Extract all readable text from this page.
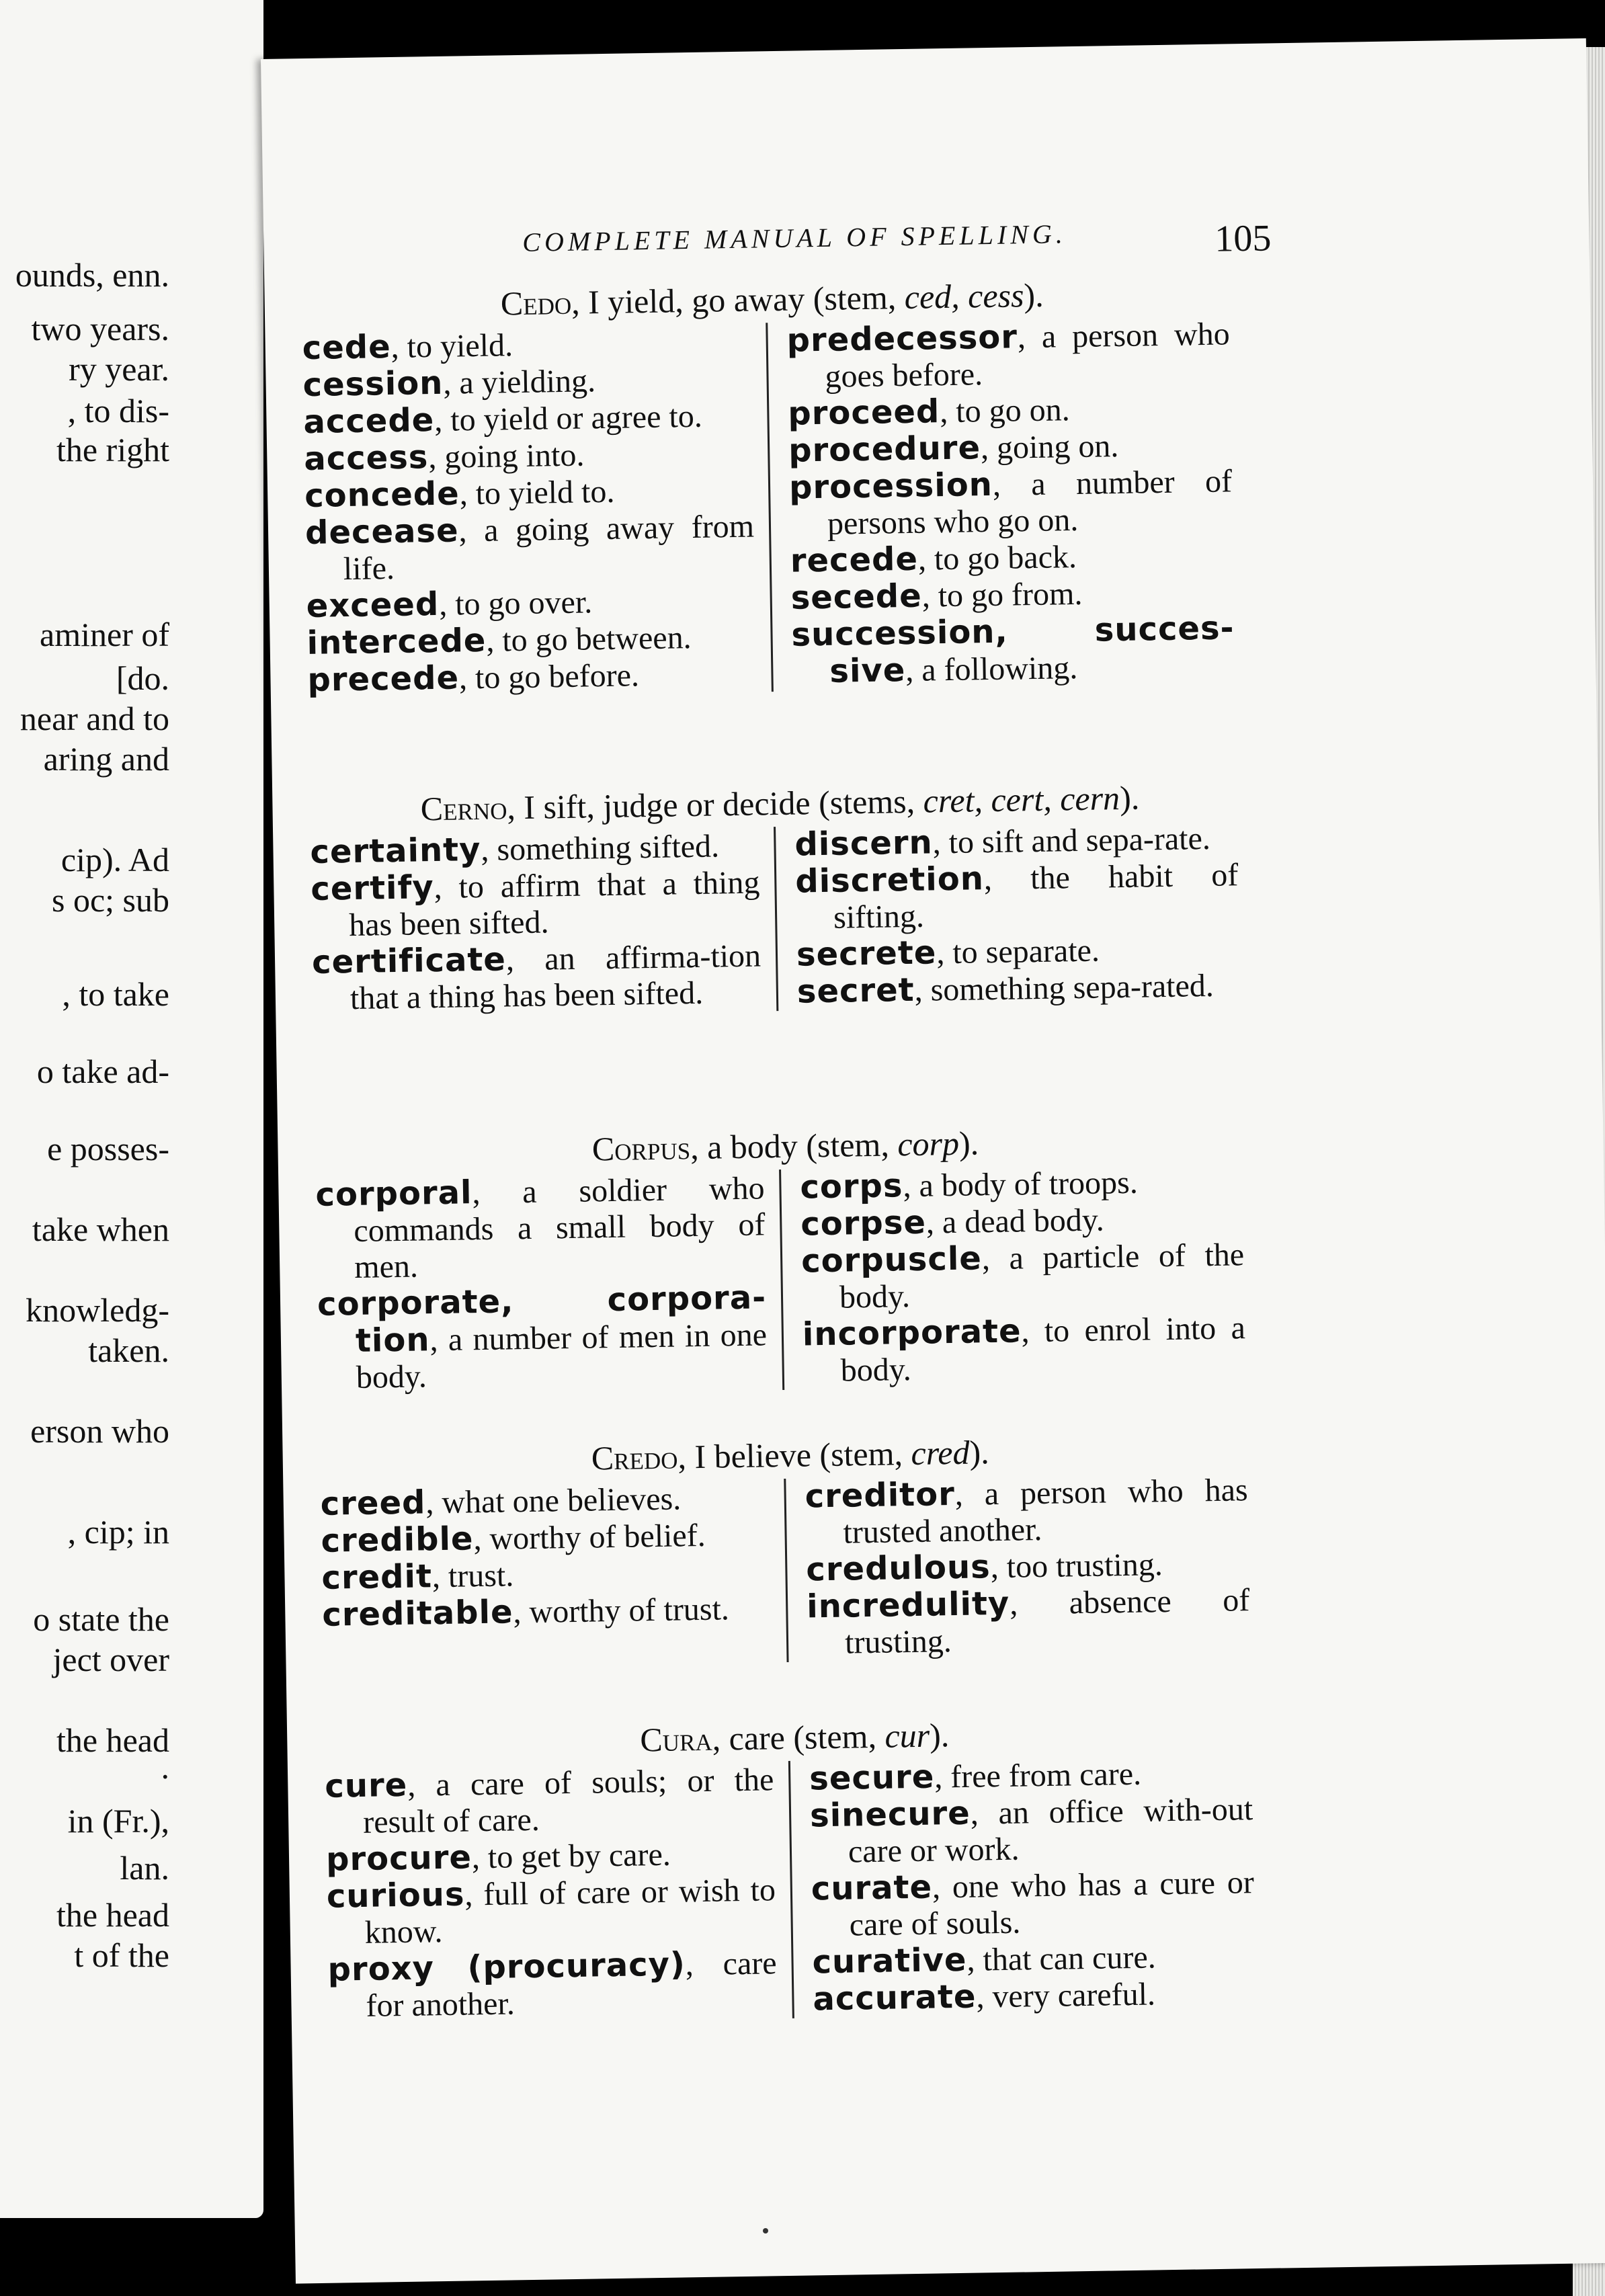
ounds, enn.
two years.
ry year.
, to dis-
the right
aminer of
[do.
near and to
aring and
cip). Ad
s oc; sub
, to take
o take ad-
e posses-
take when
knowledg-
taken.
erson who
, cip; in
o state the
ject over
the head
.
in (Fr.),
lan.
the head
t of the
COMPLETE MANUAL OF SPELLING.	105
Cedo, I yield, go away (stem, ced, cess).

cede, to yield.

cession, a yielding.

accede, to yield or agree to.

access, going into.

concede, to yield to.

decease, a going away from life.

exceed, to go over.

intercede, to go between.

precede, to go before.

predecessor, a person who goes before.

proceed, to go on.

procedure, going on.

procession, a number of persons who go on.

recede, to go back.

secede, to go from.

succession, succes-sive, a following.

Cerno, I sift, judge or decide (stems, cret, cert, cern).

certainty, something sifted.

certify, to affirm that a thing has been sifted.

certificate, an affirma-tion that a thing has been sifted.

discern, to sift and sepa-rate.

discretion, the habit of sifting.

secrete, to separate.

secret, something sepa-rated.

Corpus, a body (stem, corp).

corporal, a soldier who commands a small body of men.

corporate, corpora-tion, a number of men in one body.

corps, a body of troops.

corpse, a dead body.

corpuscle, a particle of the body.

incorporate, to enrol into a body.

Credo, I believe (stem, cred).

creed, what one believes.

credible, worthy of belief.

credit, trust.

creditable, worthy of trust.

creditor, a person who has trusted another.

credulous, too trusting.

incredulity, absence of trusting.

Cura, care (stem, cur).

cure, a care of souls; or the result of care.

procure, to get by care.

curious, full of care or wish to know.

proxy (procuracy), care for another.

secure, free from care.

sinecure, an office with-out care or work.

curate, one who has a cure or care of souls.

curative, that can cure.

accurate, very careful.
